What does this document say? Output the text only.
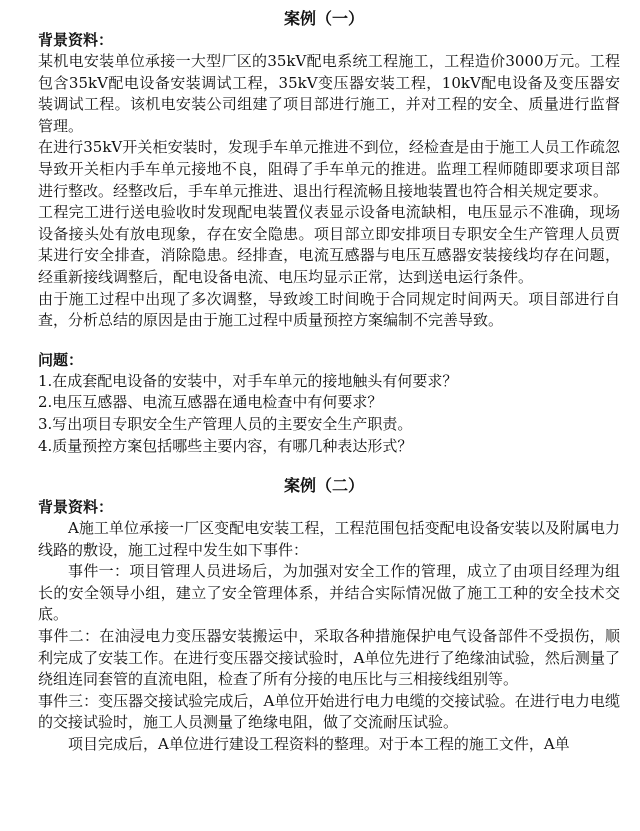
案例（一）
背景资料：

某机电安装单位承接一大型厂区的35kV配电系统工程施工，工程造价3000万元。工程包含35kV配电设备安装调试工程，35kV变压器安装工程，10kV配电设备及变压器安装调试工程。该机电安装公司组建了项目部进行施工，并对工程的安全、质量进行监督管理。

在进行35kV开关柜安装时，发现手车单元推进不到位，经检查是由于施工人员工作疏忽导致开关柜内手车单元接地不良，阻碍了手车单元的推进。监理工程师随即要求项目部进行整改。经整改后，手车单元推进、退出行程流畅且接地装置也符合相关规定要求。

工程完工进行送电验收时发现配电装置仪表显示设备电流缺相，电压显示不准确，现场设备接头处有放电现象，存在安全隐患。项目部立即安排项目专职安全生产管理人员贾某进行安全排查，消除隐患。经排查，电流互感器与电压互感器安装接线均存在问题，经重新接线调整后，配电设备电流、电压均显示正常，达到送电运行条件。

由于施工过程中出现了多次调整，导致竣工时间晚于合同规定时间两天。项目部进行自查，分析总结的原因是由于施工过程中质量预控方案编制不完善导致。

问题：
1.在成套配电设备的安装中，对手车单元的接地触头有何要求？
2.电压互感器、电流互感器在通电检查中有何要求？
3.写出项目专职安全生产管理人员的主要安全生产职责。
4.质量预控方案包括哪些主要内容，有哪几种表达形式？
案例（二）
背景资料：

A施工单位承接一厂区变配电安装工程，工程范围包括变配电设备安装以及附属电力线路的敷设，施工过程中发生如下事件：

事件一：项目管理人员进场后，为加强对安全工作的管理，成立了由项目经理为组长的安全领导小组，建立了安全管理体系，并结合实际情况做了施工工种的安全技术交底。

事件二：在油浸电力变压器安装搬运中，采取各种措施保护电气设备部件不受损伤，顺利完成了安装工作。在进行变压器交接试验时，A单位先进行了绝缘油试验，然后测量了绕组连同套管的直流电阻，检查了所有分接的电压比与三相接线组别等。

事件三：变压器交接试验完成后，A单位开始进行电力电缆的交接试验。在进行电力电缆的交接试验时，施工人员测量了绝缘电阻，做了交流耐压试验。

项目完成后，A单位进行建设工程资料的整理。对于本工程的施工文件，A单
